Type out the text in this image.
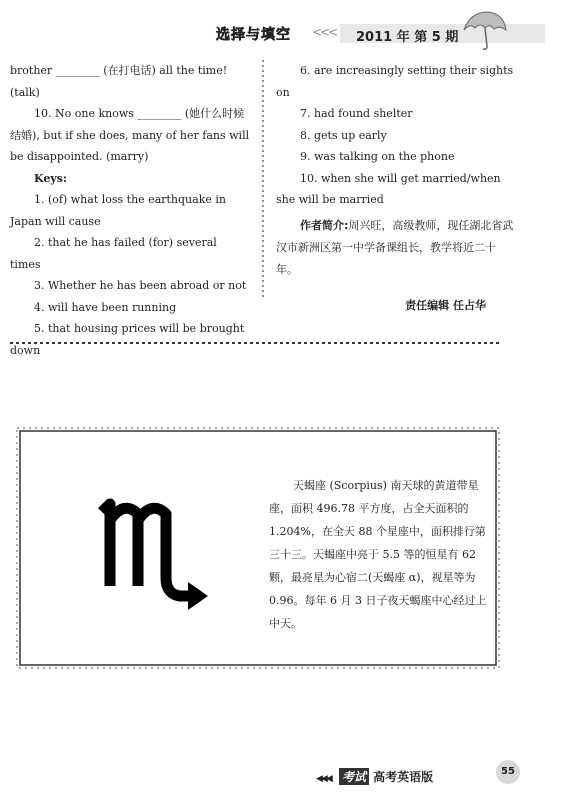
选择与填空 <<< 2011 年 第 5 期
brother ________ (在打电话) all the time! (talk)
10. No one knows ________ (她什么时候结婚), but if she does, many of her fans will be disappointed. (marry)
Keys:
1. (of) what loss the earthquake in Japan will cause
2. that he has failed (for) several times
3. Whether he has been abroad or not
4. will have been running
5. that housing prices will be brought down
6. are increasingly setting their sights on
7. had found shelter
8. gets up early
9. was talking on the phone
10. when she will get married/when she will be married
作者简介:周兴旺，高级教师，现任湖北省武汉市新洲区第一中学备课组长，教学将近二十年。
责任编辑 任占华
天蝎座 (Scorpius) 南天球的黄道带星座，面积 496.78 平方度，占全天面积的 1.204%，在全天 88 个星座中，面积排行第三十三。天蝎座中亮于 5.5 等的恒星有 62 颗，最亮星为心宿二(天蝎座 α)，视星等为 0.96。每年 6 月 3 日子夜天蝎座中心经过上中天。
◀◀◀ 考试 高考英语版	55
